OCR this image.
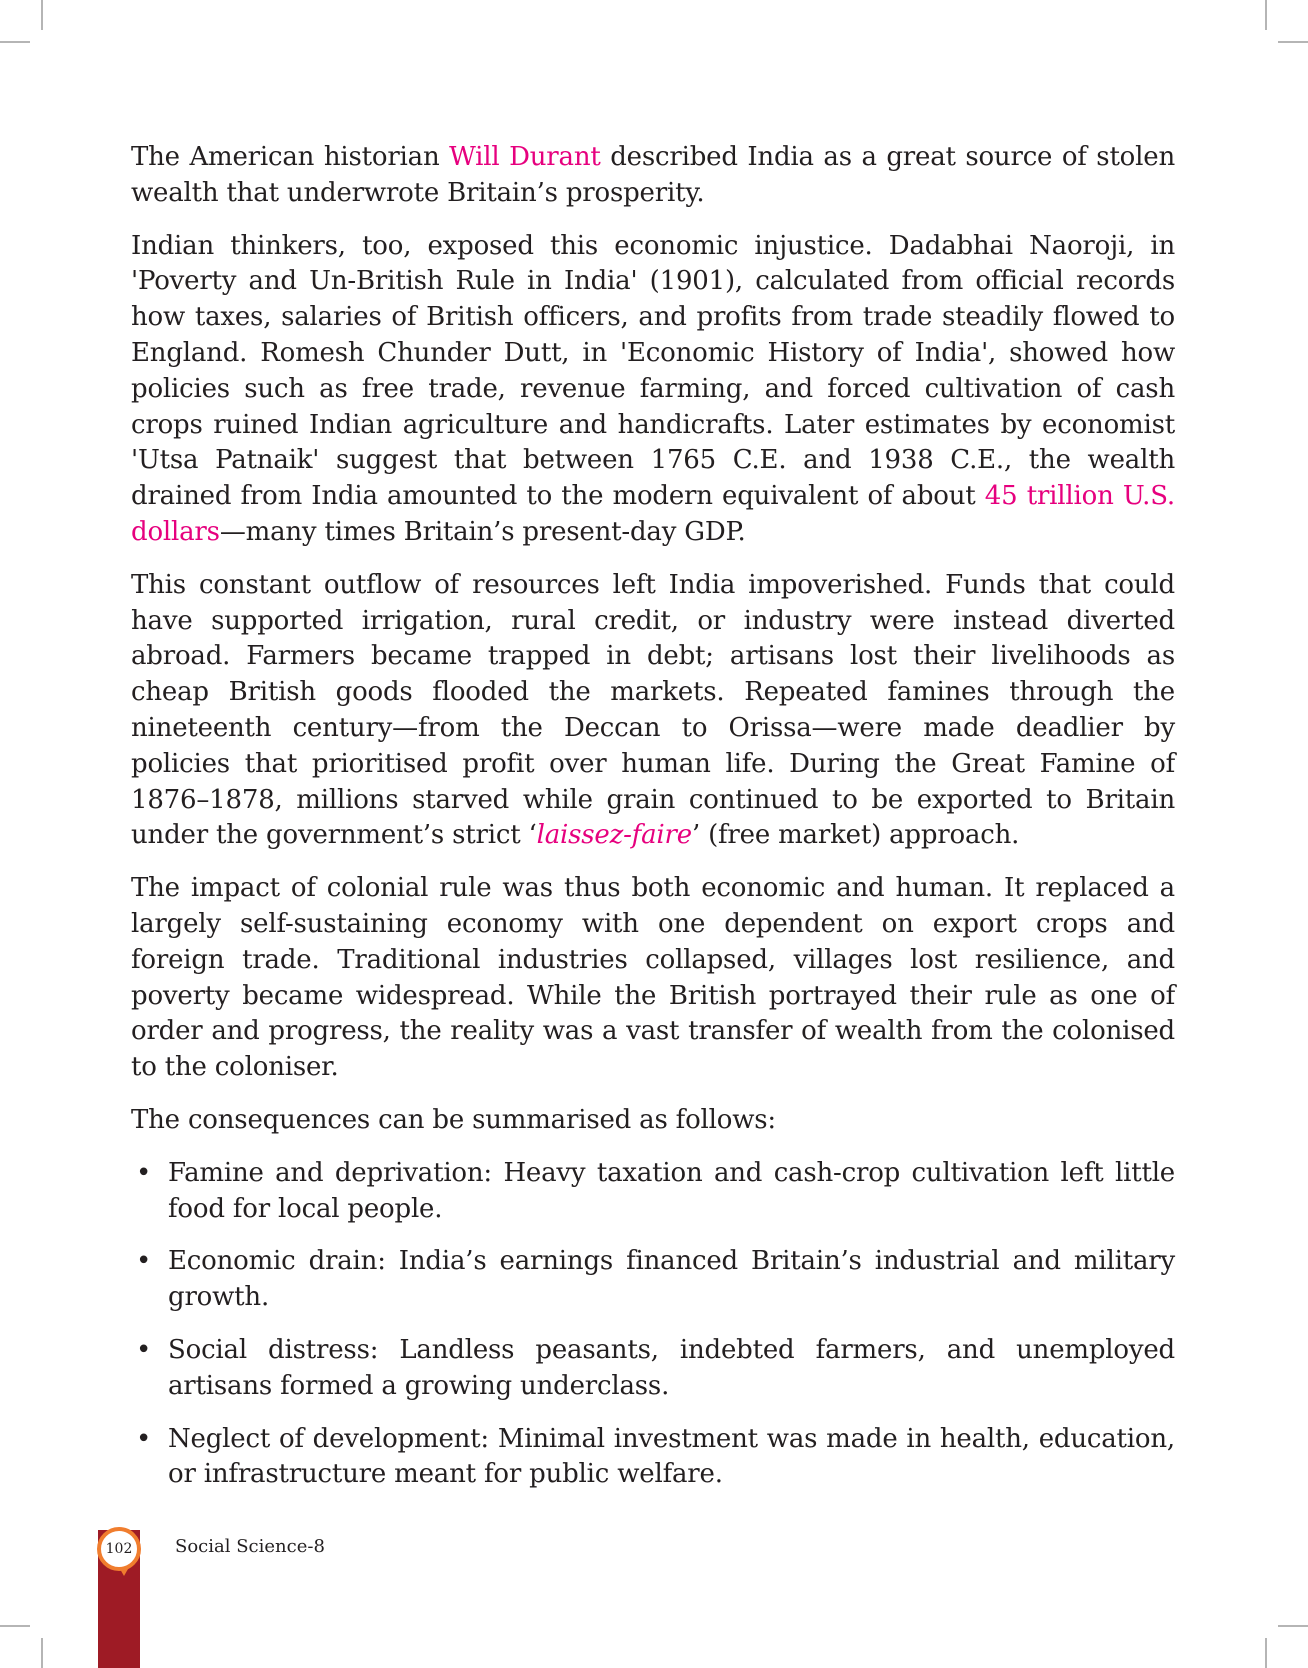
The American historian Will Durant described India as a great source of stolen wealth that underwrote Britain’s prosperity.

Indian thinkers, too, exposed this economic injustice. Dadabhai Naoroji, in 'Poverty and Un-British Rule in India' (1901), calculated from official records how taxes, salaries of British officers, and profits from trade steadily flowed to England. Romesh Chunder Dutt, in 'Economic History of India', showed how policies such as free trade, revenue farming, and forced cultivation of cash crops ruined Indian agriculture and handicrafts. Later estimates by economist 'Utsa Patnaik' suggest that between 1765 C.E. and 1938 C.E., the wealth drained from India amounted to the modern equivalent of about 45 trillion U.S. dollars—many times Britain’s present-day GDP.

This constant outflow of resources left India impoverished. Funds that could have supported irrigation, rural credit, or industry were instead diverted abroad. Farmers became trapped in debt; artisans lost their livelihoods as cheap British goods flooded the markets. Repeated famines through the nineteenth century—from the Deccan to Orissa—were made deadlier by policies that prioritised profit over human life. During the Great Famine of 1876–1878, millions starved while grain continued to be exported to Britain under the government’s strict ‘laissez-faire’ (free market) approach.

The impact of colonial rule was thus both economic and human. It replaced a largely self-sustaining economy with one dependent on export crops and foreign trade. Traditional industries collapsed, villages lost resilience, and poverty became widespread. While the British portrayed their rule as one of order and progress, the reality was a vast transfer of wealth from the colonised to the coloniser.

The consequences can be summarised as follows:

• Famine and deprivation: Heavy taxation and cash-crop cultivation left little food for local people.
• Economic drain: India’s earnings financed Britain’s industrial and military growth.
• Social distress: Landless peasants, indebted farmers, and unemployed artisans formed a growing underclass.
• Neglect of development: Minimal investment was made in health, education, or infrastructure meant for public welfare.
102 Social Science-8
